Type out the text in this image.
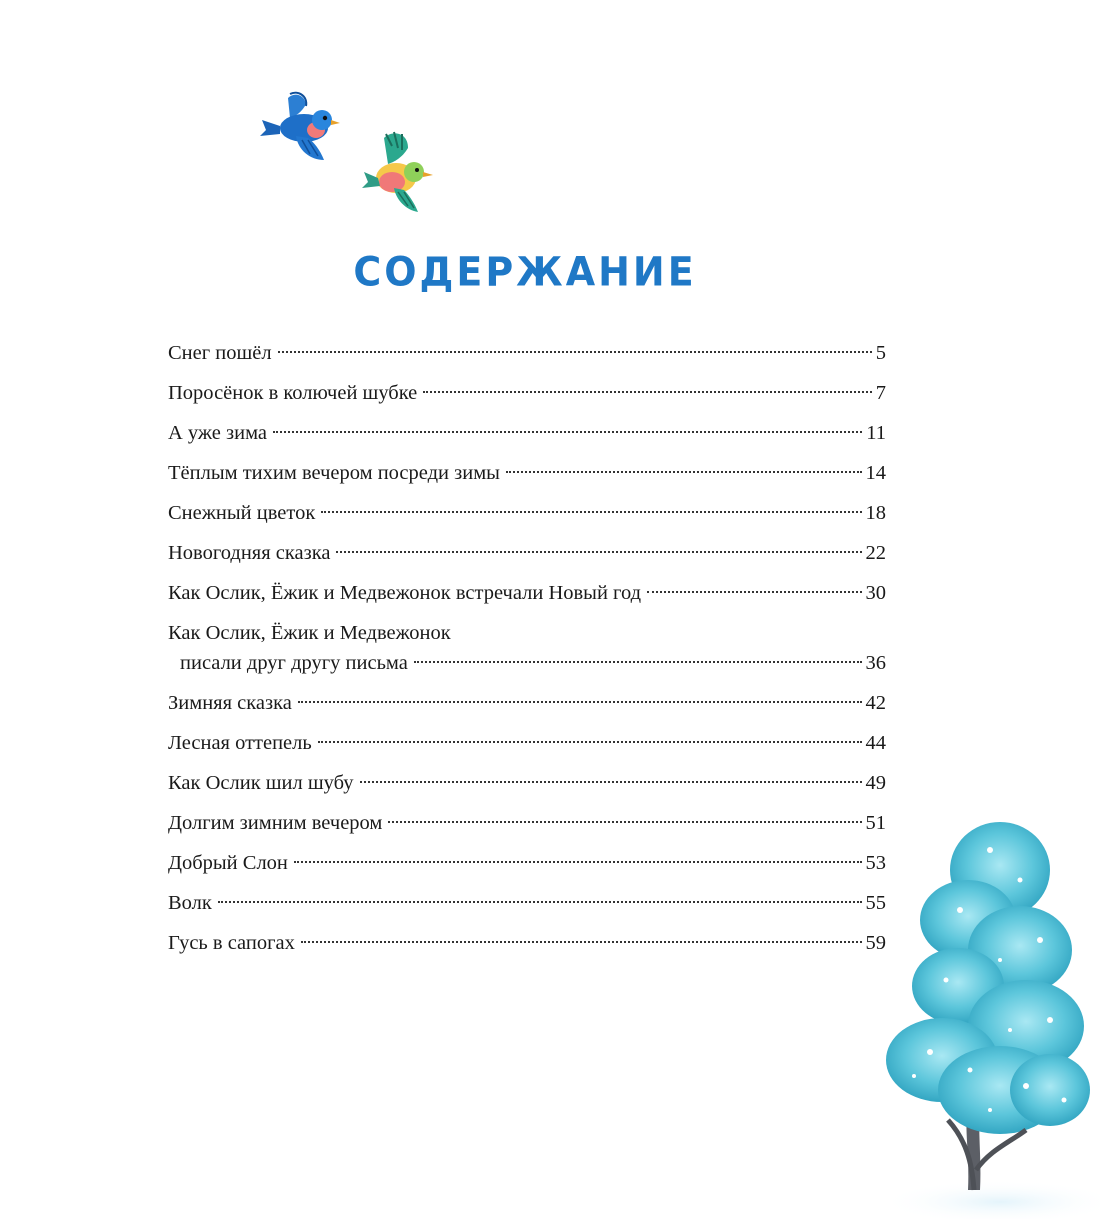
СОДЕРЖАНИЕ
Снег пошёл	5
Поросёнок в колючей шубке	7
А уже зима	11
Тёплым тихим вечером посреди зимы	14
Снежный цветок	18
Новогодняя сказка	22
Как Ослик, Ёжик и Медвежонок встречали Новый год	30
Как Ослик, Ёжик и Медвежонок
писали друг другу письма	36
Зимняя сказка	42
Лесная оттепель	44
Как Ослик шил шубу	49
Долгим зимним вечером	51
Добрый Слон	53
Волк	55
Гусь в сапогах	59
